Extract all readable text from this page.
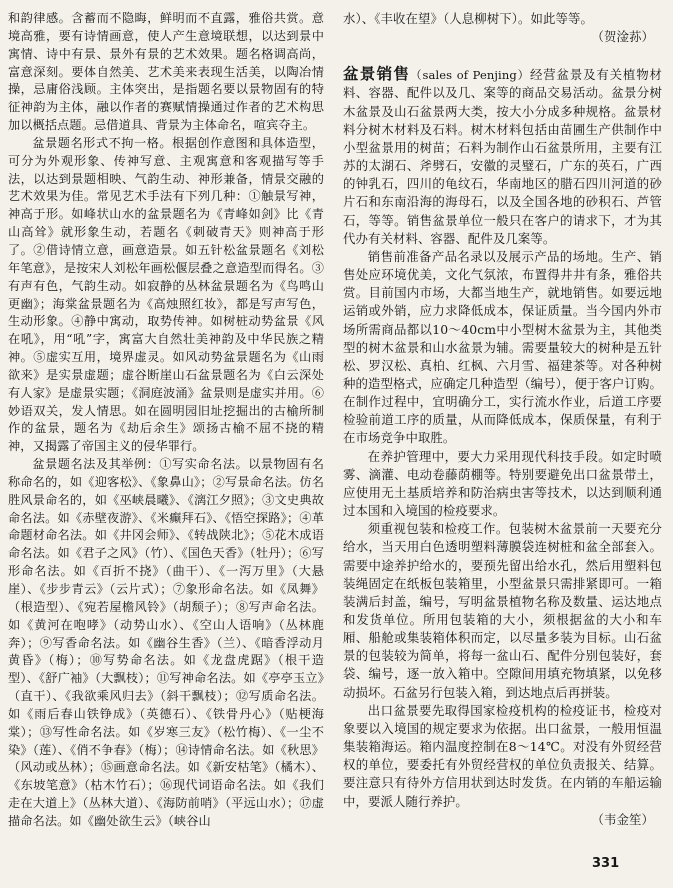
和韵律感。含蓄而不隐晦，鲜明而不直露，雅俗共赏。意境高雅，要有诗情画意，使人产生意境联想，以达到景中寓情、诗中有景、景外有景的艺术效果。题名格调高尚，富意深刻。要体自然美、艺术美来表现生活美，以陶冶情操，忌庸俗浅顾。主体突出，是指题名要以景物固有的特征神韵为主体，融以作者的赛赋情操通过作者的艺术构思加以概括点题。忌借道具、背景为主体命名，喧宾夺主。

盆景题名形式不拘一格。根据创作意图和具体造型，可分为外观形象、传神写意、主观寓意和客观描写等手法，以达到景题相映、气韵生动、神形兼备，情景交融的艺术效果为佳。常见艺术手法有下列几种：①触景写神，神高于形。如峰状山水的盆景题名为《青峰如剑》比《青山高耸》就形象生动，若题名《刺破青天》则神高于形了。②借诗情立意，画意造景。如五针松盆景题名《刘松年笔意》，是按宋人刘松年画松偃层叠之意造型而得名。③有声有色，气韵生动。如寂静的丛林盆景题名为《鸟鸣山更幽》；海棠盆景题名为《高烛照红妆》，都是写声写色，生动形象。④静中寓动，取势传神。如树桩动势盆景《风在吼》，用“吼”字，寓富大自然壮美神韵及中华民族之精神。⑤虚实互用，境界虚灵。如风动势盆景题名为《山雨欲来》是实景虚题；虚谷断崖山石盆景题名为《白云深处有人家》是虚景实题；《洞庭波涌》盆景则是虚实并用。⑥妙语双关，发人情思。如在圆明园旧址挖掘出的古榆所制作的盆景，题名为《劫后余生》颂扬古榆不屈不挠的精神，又揭露了帝国主义的侵华罪行。

盆景题名法及其举例：①写实命名法。以景物固有名称命名的，如《迎客松》、《象鼻山》；②写景命名法。仿名胜风景命名的，如《巫峡晨曦》、《漓江夕照》；③文史典故命名法。如《赤壁夜游》、《米癫拜石》、《悟空探路》；④革命题材命名法。如《井冈会师》、《转战陕北》；⑤花木成语命名法。如《君子之风》（竹）、《国色天香》（牡丹）；⑥写形命名法。如《百折不挠》（曲干）、《一泻万里》（大悬崖）、《步步青云》（云片式）；⑦象形命名法。如《凤舞》（根造型）、《宛若屋檐风铃》（胡颓子）；⑧写声命名法。如《黄河在咆哮》（动势山水）、《空山人语响》（丛林鹿奔）；⑨写香命名法。如《幽谷生香》（兰）、《暗香浮动月黄昏》（梅）；⑩写势命名法。如《龙盘虎踞》（根干造型）、《舒广袖》（大飘枝）；⑪写神命名法。如《亭亭玉立》（直干）、《我欲乘风归去》（斜干飘枝）；⑫写质命名法。如《雨后春山铁铮成》（英德石）、《铁骨丹心》（贴梗海棠）；⑬写性命名法。如《岁寒三友》（松竹梅）、《一尘不染》（莲）、《俏不争春》（梅）；⑭诗情命名法。如《秋思》（风动或丛林）；⑮画意命名法。如《新安枯笔》（橘木）、《东坡笔意》（枯木竹石）；⑯现代词语命名法。如《我们走在大道上》（丛林大道）、《海防前哨》（平远山水）；⑰虚描命名法。如《幽处欲生云》（峡谷山

水）、《丰收在望》（人息柳树下）。如此等等。

（贺淦荪）

盆景销售（sales of Penjing）经营盆景及有关植物材料、容器、配件以及几、案等的商品交易活动。盆景分树木盆景及山石盆景两大类，按大小分成多种规格。盆景材料分树木材料及石料。树木材料包括由苗圃生产供制作中小型盆景用的树苗；石料为制作山石盆景所用，主要有江苏的太湖石、斧劈石，安徽的灵璧石，广东的英石，广西的钟乳石，四川的龟纹石，华南地区的腊石四川河道的砂片石和东南沿海的海母石，以及全国各地的砂积石、芦管石，等等。销售盆景单位一般只在客户的请求下，才为其代办有关材料、容器、配件及几案等。

销售前准备产品名录以及展示产品的场地。生产、销售处应环境优美，文化气氛浓，布置得井井有条，雅俗共赏。目前国内市场，大都当地生产，就地销售。如要远地运销或外销，应力求降低成本，保证质量。当今国内外市场所需商品都以10～40cm中小型树木盆景为主，其他类型的树木盆景和山水盆景为辅。需要量较大的树种是五针松、罗汉松、真柏、红枫、六月雪、福建茶等。对各种树种的造型格式，应确定几种造型（编号），便于客户订购。在制作过程中，宜明确分工，实行流水作业，后道工序要检验前道工序的质量，从而降低成本，保质保量，有利于在市场竞争中取胜。

在养护管理中，要大力采用现代科技手段。如定时喷雾、滴灌、电动卷藤荫棚等。特别要避免出口盆景带土，应使用无土基质培养和防治病虫害等技术，以达到顺利通过本国和入境国的检疫要求。

须重视包装和检疫工作。包装树木盆景前一天要充分给水，当天用白色透明塑料薄膜袋连树桩和盆全部套入。需要中途养护给水的，要预先留出给水孔，然后用塑料包装绳固定在纸板包装箱里，小型盆景只需排紧即可。一箱装满后封盖，编号，写明盆景植物名称及数量、运达地点和发货单位。所用包装箱的大小，须根据盆的大小和车厢、船舱或集装箱体积而定，以尽量多装为目标。山石盆景的包装较为简单，将每一盆山石、配件分别包装好，套袋、编号，逐一放入箱中。空隙间用填充物填紧，以免移动损坏。石盆另行包装入箱，到达地点后再拼装。

出口盆景要先取得国家检疫机构的检疫证书，检疫对象要以入境国的规定要求为依据。出口盆景，一般用恒温集装箱海运。箱内温度控制在8～14℃。对没有外贸经营权的单位，要委托有外贸经营权的单位负责报关、结算。要注意只有待外方信用状到达时发货。在内销的车船运输中，要派人随行养护。

（韦金笙）
331
